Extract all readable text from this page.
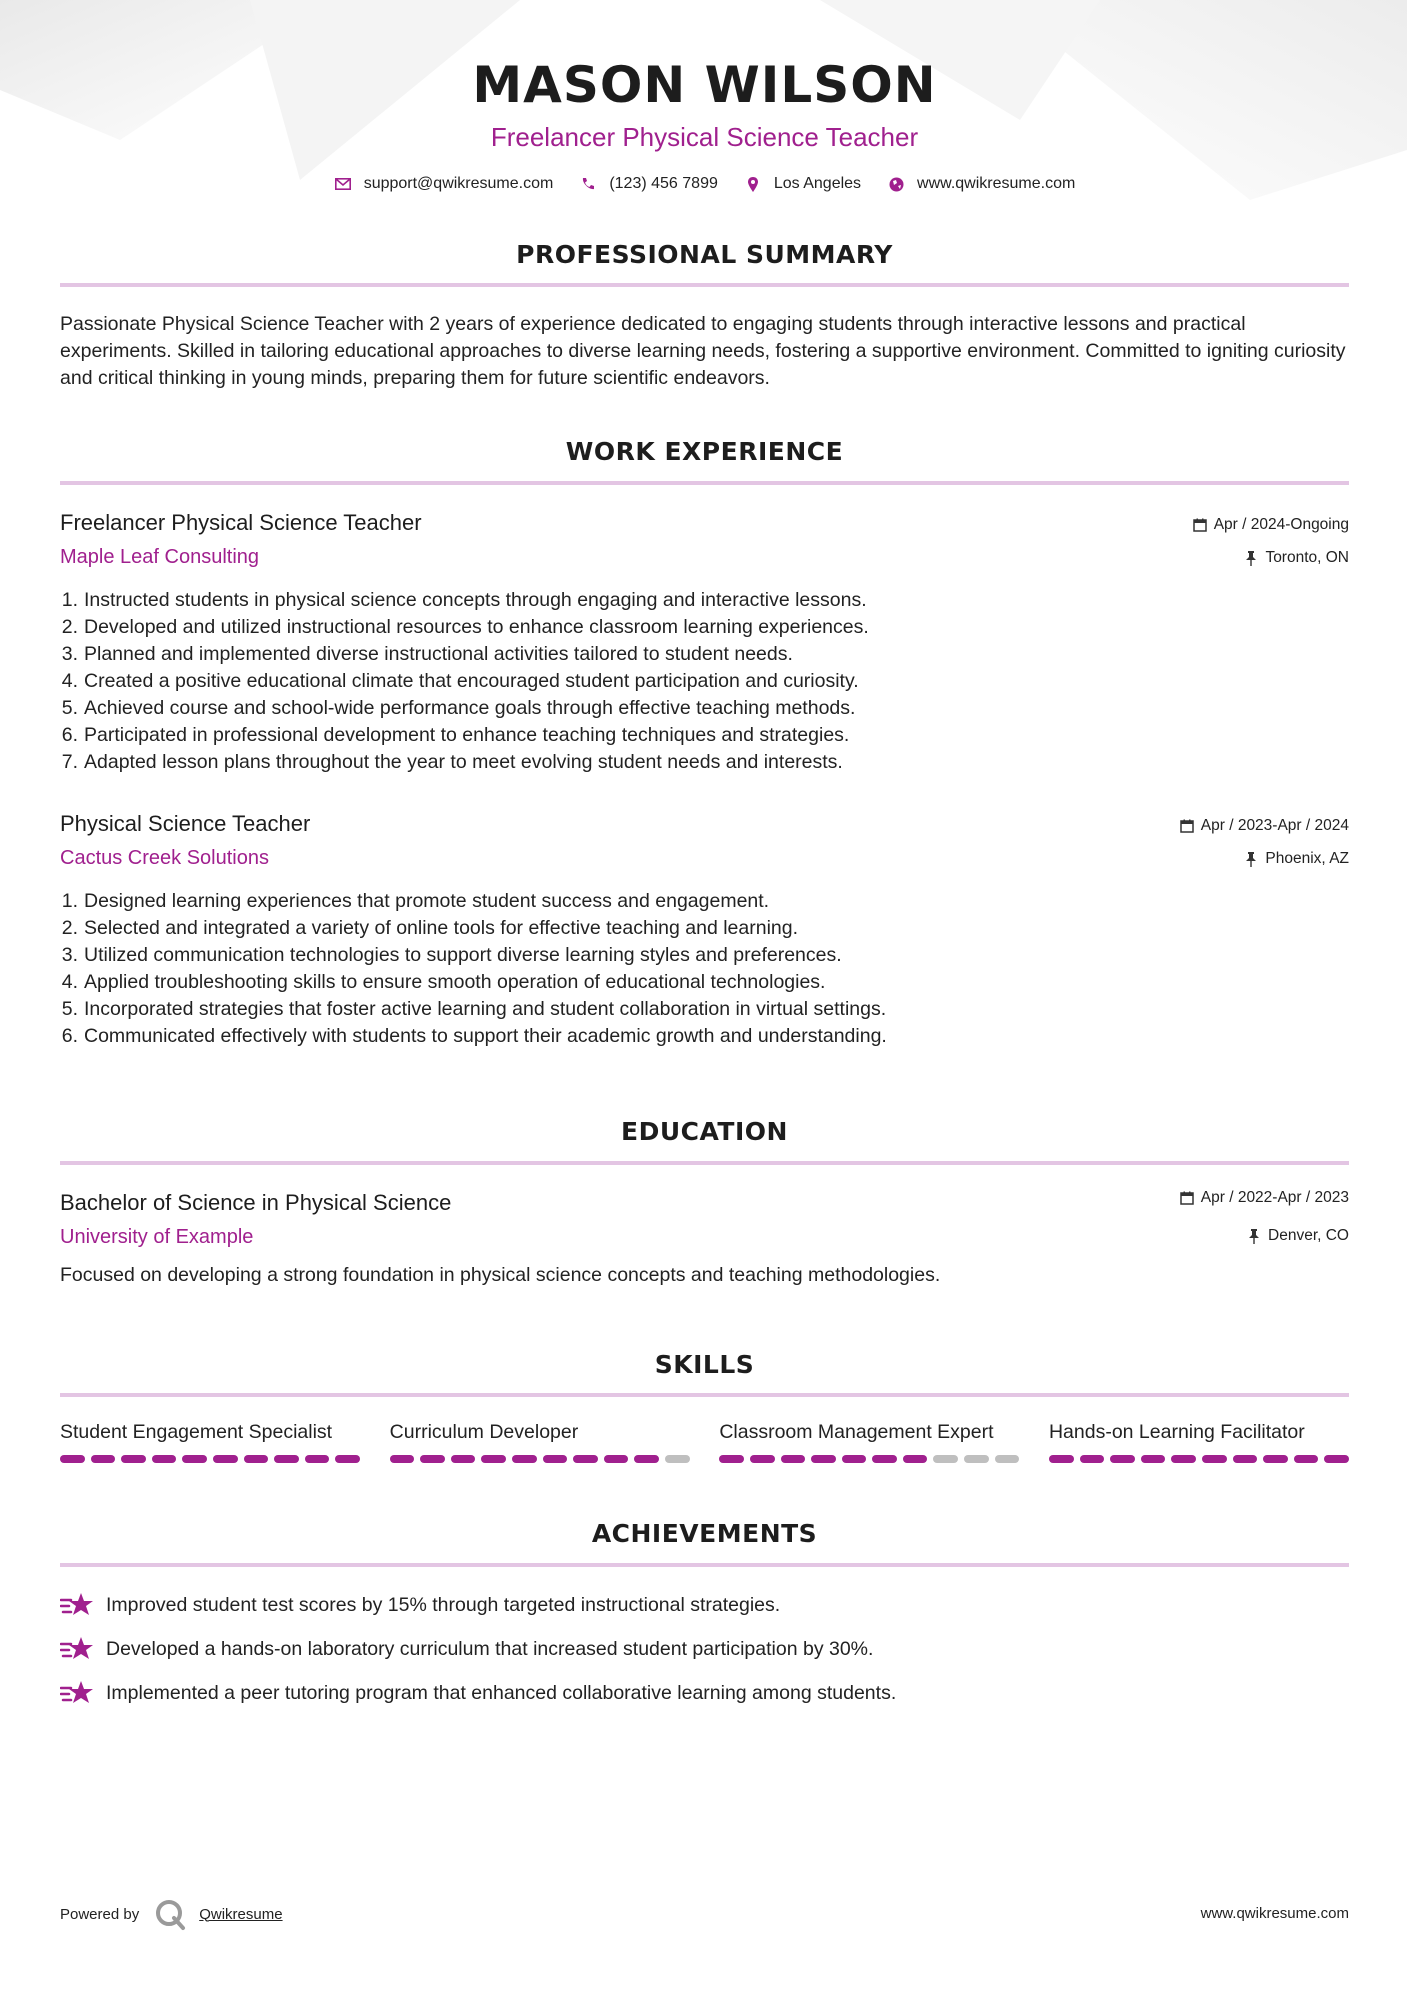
MASON WILSON
Freelancer Physical Science Teacher
support@qwikresume.com	(123) 456 7899	Los Angeles	www.qwikresume.com
PROFESSIONAL SUMMARY
Passionate Physical Science Teacher with 2 years of experience dedicated to engaging students through interactive lessons and practical experiments. Skilled in tailoring educational approaches to diverse learning needs, fostering a supportive environment. Committed to igniting curiosity and critical thinking in young minds, preparing them for future scientific endeavors.
WORK EXPERIENCE
Freelancer Physical Science Teacher
Maple Leaf Consulting
Apr / 2024-Ongoing
Toronto, ON
1. Instructed students in physical science concepts through engaging and interactive lessons.
2. Developed and utilized instructional resources to enhance classroom learning experiences.
3. Planned and implemented diverse instructional activities tailored to student needs.
4. Created a positive educational climate that encouraged student participation and curiosity.
5. Achieved course and school-wide performance goals through effective teaching methods.
6. Participated in professional development to enhance teaching techniques and strategies.
7. Adapted lesson plans throughout the year to meet evolving student needs and interests.
Physical Science Teacher
Cactus Creek Solutions
Apr / 2023-Apr / 2024
Phoenix, AZ
1. Designed learning experiences that promote student success and engagement.
2. Selected and integrated a variety of online tools for effective teaching and learning.
3. Utilized communication technologies to support diverse learning styles and preferences.
4. Applied troubleshooting skills to ensure smooth operation of educational technologies.
5. Incorporated strategies that foster active learning and student collaboration in virtual settings.
6. Communicated effectively with students to support their academic growth and understanding.
EDUCATION
Bachelor of Science in Physical Science
University of Example
Apr / 2022-Apr / 2023
Denver, CO
Focused on developing a strong foundation in physical science concepts and teaching methodologies.
SKILLS
Student Engagement Specialist	Curriculum Developer	Classroom Management Expert	Hands-on Learning Facilitator
ACHIEVEMENTS
Improved student test scores by 15% through targeted instructional strategies.
Developed a hands-on laboratory curriculum that increased student participation by 30%.
Implemented a peer tutoring program that enhanced collaborative learning among students.
Powered by	Qwikresume	www.qwikresume.com
